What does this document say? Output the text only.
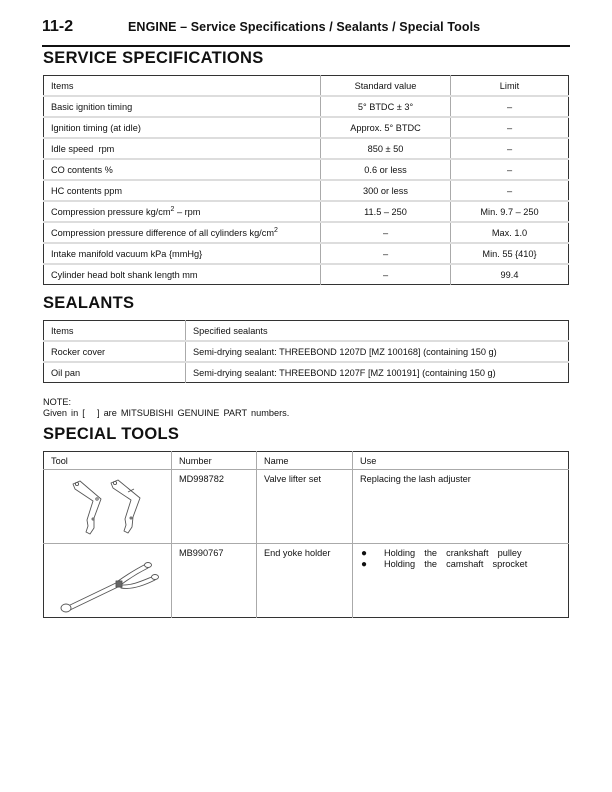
11-2	ENGINE – Service Specifications / Sealants / Special Tools
SERVICE SPECIFICATIONS
Items	Standard value	Limit
Basic ignition timing	5° BTDC ± 3°	–
Ignition timing (at idle)	Approx. 5° BTDC	–
Idle speed  rpm	850 ± 50	–
CO contents %	0.6 or less	–
HC contents ppm	300 or less	–
Compression pressure $kg/cm^2$ – rpm	11.5 – 250	Min. 9.7 – 250
Compression pressure difference of all cylinders $kg/cm^2$	–	Max. 1.0
Intake manifold vacuum kPa {mmHg}	–	Min. 55 {410}
Cylinder head bolt shank length mm	–	99.4
SEALANTS
Items	Specified sealants
Rocker cover	Semi-drying sealant: THREEBOND 1207D [MZ 100168] (containing 150 g)
Oil pan	Semi-drying sealant: THREEBOND 1207F [MZ 100191] (containing 150 g)
NOTE:
Given in [   ] are MITSUBISHI GENUINE PART numbers.
SPECIAL TOOLS
Tool	Number	Name	Use

	MD998782	Valve lifter set	Replacing the lash adjuster

	MB990767	End yoke holder	● Holding  the  crankshaft  pulley
● Holding  the  camshaft  sprocket
